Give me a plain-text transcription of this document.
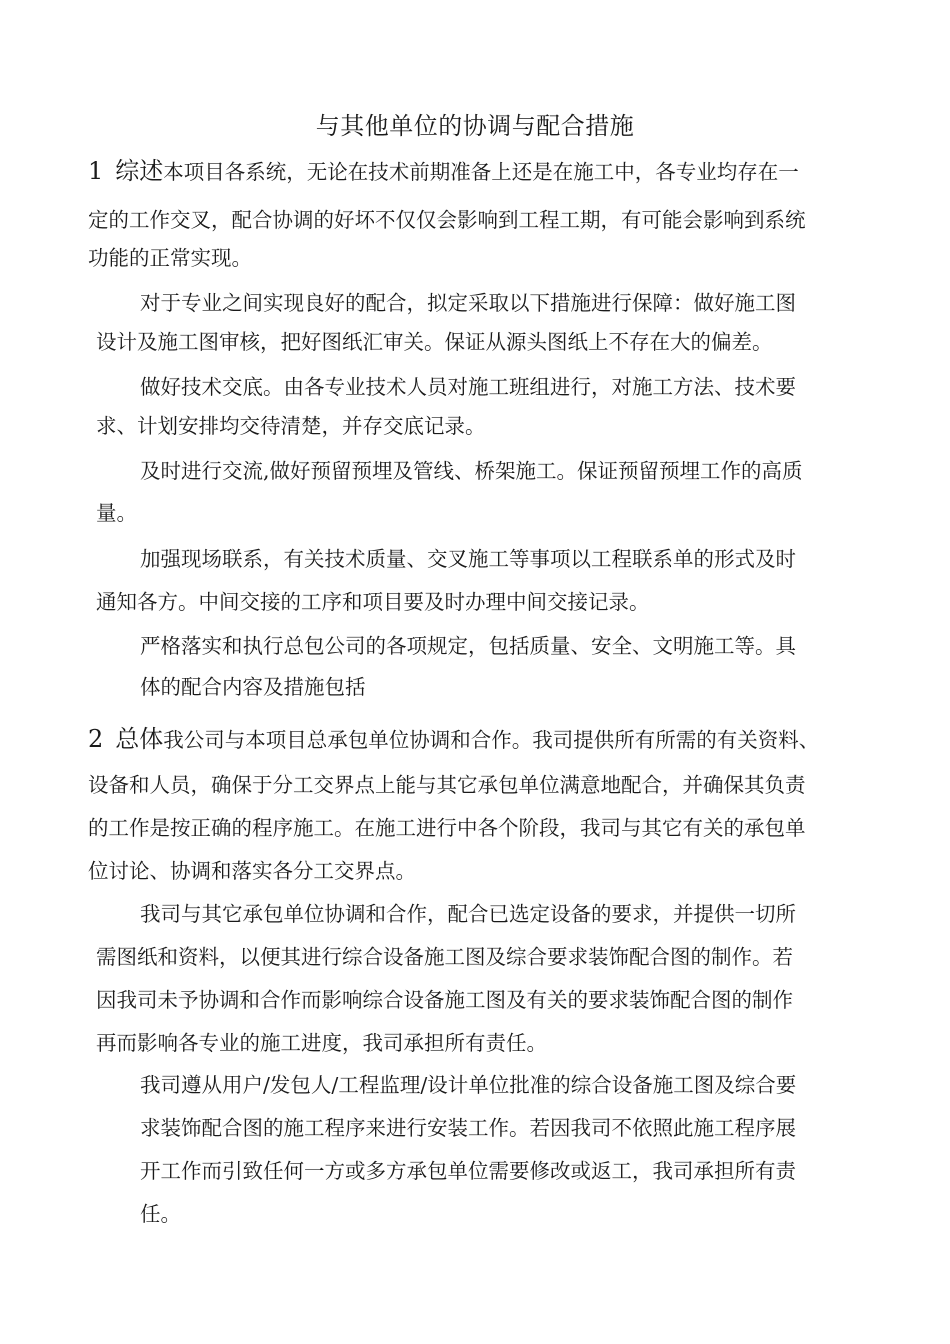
与其他单位的协调与配合措施
1 综述本项目各系统，无论在技术前期准备上还是在施工中，各专业均存在一
定的工作交叉，配合协调的好坏不仅仅会影响到工程工期，有可能会影响到系统
功能的正常实现。
对于专业之间实现良好的配合，拟定采取以下措施进行保障：做好施工图
设计及施工图审核，把好图纸汇审关。保证从源头图纸上不存在大的偏差。
做好技术交底。由各专业技术人员对施工班组进行，对施工方法、技术要
求、计划安排均交待清楚，并存交底记录。
及时进行交流,做好预留预埋及管线、桥架施工。保证预留预埋工作的高质
量。
加强现场联系，有关技术质量、交叉施工等事项以工程联系单的形式及时
通知各方。中间交接的工序和项目要及时办理中间交接记录。
严格落实和执行总包公司的各项规定，包括质量、安全、文明施工等。具
体的配合内容及措施包括
2 总体我公司与本项目总承包单位协调和合作。我司提供所有所需的有关资料、
设备和人员，确保于分工交界点上能与其它承包单位满意地配合，并确保其负责
的工作是按正确的程序施工。在施工进行中各个阶段，我司与其它有关的承包单
位讨论、协调和落实各分工交界点。
我司与其它承包单位协调和合作，配合已选定设备的要求，并提供一切所
需图纸和资料，以便其进行综合设备施工图及综合要求装饰配合图的制作。若
因我司未予协调和合作而影响综合设备施工图及有关的要求装饰配合图的制作
再而影响各专业的施工进度，我司承担所有责任。
我司遵从用户/发包人/工程监理/设计单位批准的综合设备施工图及综合要
求装饰配合图的施工程序来进行安装工作。若因我司不依照此施工程序展
开工作而引致任何一方或多方承包单位需要修改或返工，我司承担所有责
任。
